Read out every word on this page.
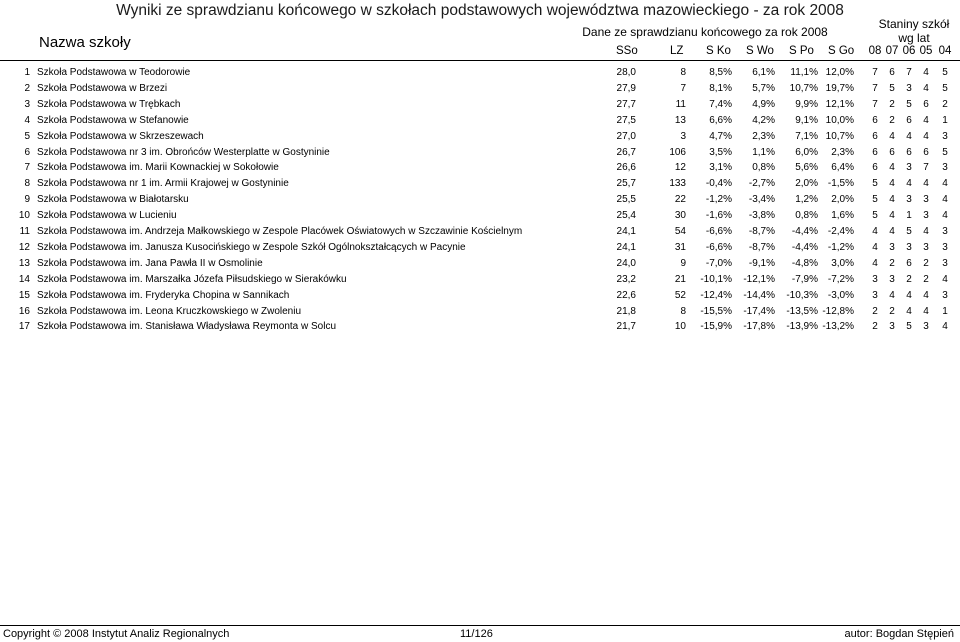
Wyniki ze sprawdzianu końcowego w szkołach podstawowych województwa mazowieckiego - za rok 2008
Nazwa szkoły
Dane ze sprawdzianu końcowego za rok 2008
Staniny szkół
wg lat
SSo	LZ S Ko S Wo S Po S Go	08 07 06 05 04
1 Szkoła Podstawowa w Teodorowie	28,0	8	8,5%	6,1%	11,1% 12,0%	7	6	7	4	5
2 Szkoła Podstawowa w Brzezi	27,9	7	8,1%	5,7%	10,7% 19,7%	7	5	3	4	5
3 Szkoła Podstawowa w Trębkach	27,7	11	7,4%	4,9%	9,9% 12,1%	7	2	5	6	2
4 Szkoła Podstawowa w Stefanowie	27,5	13	6,6%	4,2%	9,1% 10,0%	6	2	6	4	1
5 Szkoła Podstawowa w Skrzeszewach	27,0	3	4,7%	2,3%	7,1% 10,7%	6	4	4	4	3
6 Szkoła Podstawowa nr 3 im. Obrońców Westerplatte w Gostyninie	26,7	106	3,5%	1,1%	6,0%	2,3%	6	6	6	6	5
7 Szkoła Podstawowa im. Marii Kownackiej w Sokołowie	26,6	12	3,1%	0,8%	5,6%	6,4%	6	4	3	7	3
8 Szkoła Podstawowa nr 1 im. Armii Krajowej w Gostyninie	25,7	133	-0,4%	-2,7%	2,0% -1,5%	5	4	4	4	4
9 Szkoła Podstawowa w Białotarsku	25,5	22	-1,2%	-3,4%	1,2%	2,0%	5	4	3	3	4
10 Szkoła Podstawowa w Lucieniu	25,4	30	-1,6%	-3,8%	0,8%	1,6%	5	4	1	3	4
11 Szkoła Podstawowa im. Andrzeja Małkowskiego w Zespole Placówek Oświatowych w Szczawinie Kościelnym	24,1	54	-6,6%	-8,7%	-4,4% -2,4%	4	4	5	4	3
12 Szkoła Podstawowa im. Janusza Kusocińskiego w Zespole Szkół Ogólnokształcących w Pacynie	24,1	31	-6,6%	-8,7%	-4,4% -1,2%	4	3	3	3	3
13 Szkoła Podstawowa im. Jana Pawła II w Osmolinie	24,0	9	-7,0%	-9,1%	-4,8%	3,0%	4	2	6	2	3
14 Szkoła Podstawowa im. Marszałka Józefa Piłsudskiego w Sierakówku	23,2	21	-10,1%	-12,1%	-7,9% -7,2%	3	3	2	2	4
15 Szkoła Podstawowa im. Fryderyka Chopina w Sannikach	22,6	52	-12,4%	-14,4%	-10,3% -3,0%	3	4	4	4	3
16 Szkoła Podstawowa im. Leona Kruczkowskiego w Zwoleniu	21,8	8	-15,5%	-17,4%	-13,5% -12,8%	2	2	4	4	1
17 Szkoła Podstawowa im. Stanisława Władysława Reymonta w Solcu	21,7	10	-15,9%	-17,8%	-13,9% -13,2%	2	3	5	3	4
Copyright © 2008 Instytut Analiz Regionalnych	11/126	autor: Bogdan Stępień
